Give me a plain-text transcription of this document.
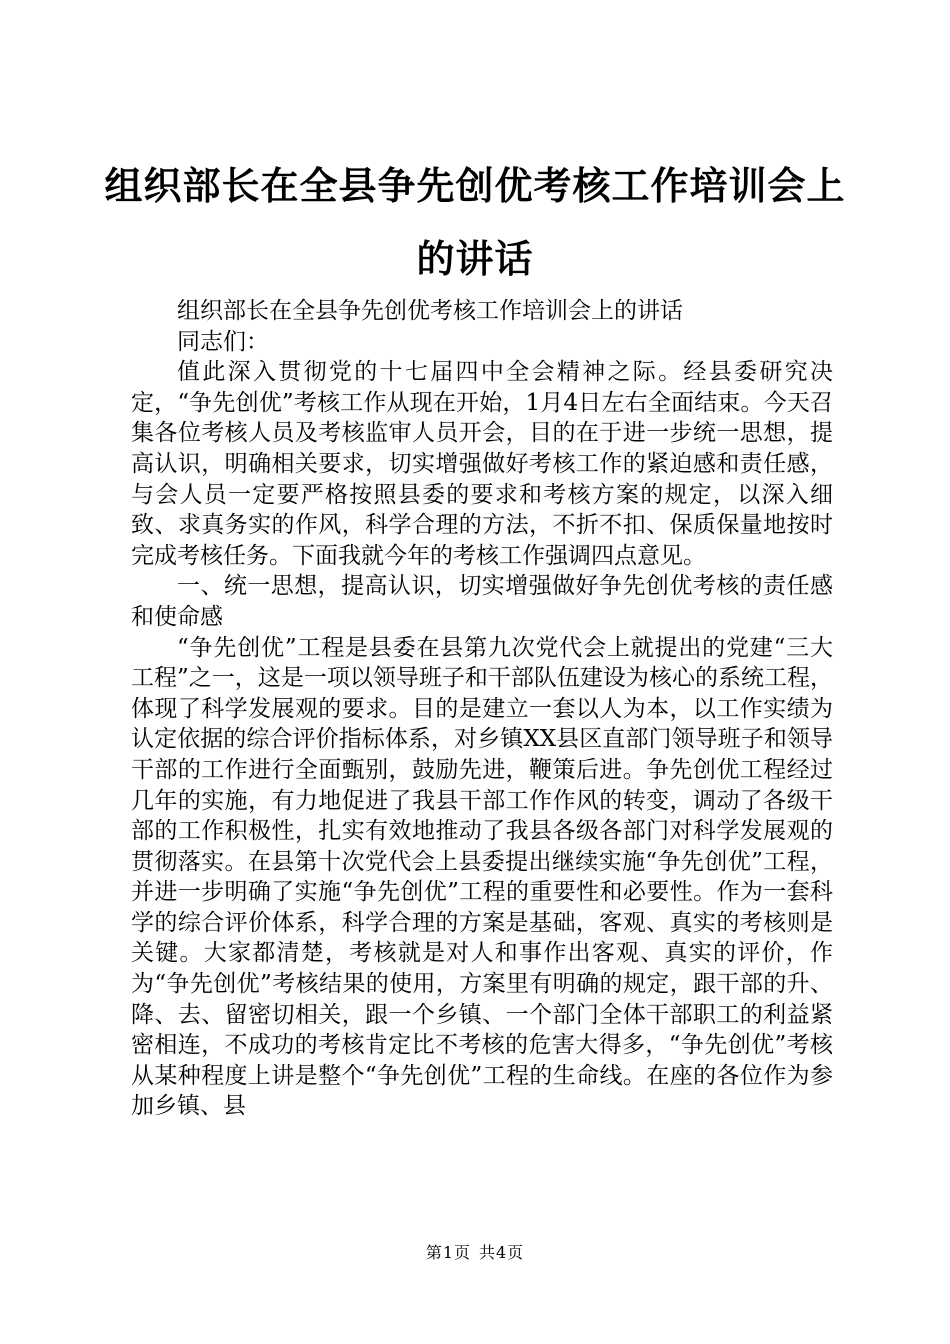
组织部长在全县争先创优考核工作培训会上的讲话

组织部长在全县争先创优考核工作培训会上的讲话

同志们：

值此深入贯彻党的十七届四中全会精神之际。经县委研究决定，“争先创优”考核工作从现在开始，1月4日左右全面结束。今天召集各位考核人员及考核监审人员开会，目的在于进一步统一思想，提高认识，明确相关要求，切实增强做好考核工作的紧迫感和责任感，与会人员一定要严格按照县委的要求和考核方案的规定，以深入细致、求真务实的作风，科学合理的方法，不折不扣、保质保量地按时完成考核任务。下面我就今年的考核工作强调四点意见。

一、统一思想，提高认识，切实增强做好争先创优考核的责任感和使命感

“争先创优”工程是县委在县第九次党代会上就提出的党建“三大工程”之一，这是一项以领导班子和干部队伍建设为核心的系统工程，体现了科学发展观的要求。目的是建立一套以人为本，以工作实绩为认定依据的综合评价指标体系，对乡镇XX县区直部门领导班子和领导干部的工作进行全面甄别，鼓励先进，鞭策后进。争先创优工程经过几年的实施，有力地促进了我县干部工作作风的转变，调动了各级干部的工作积极性，扎实有效地推动了我县各级各部门对科学发展观的贯彻落实。在县第十次党代会上县委提出继续实施“争先创优”工程，并进一步明确了实施“争先创优”工程的重要性和必要性。作为一套科学的综合评价体系，科学合理的方案是基础，客观、真实的考核则是关键。大家都清楚，考核就是对人和事作出客观、真实的评价，作为“争先创优”考核结果的使用，方案里有明确的规定，跟干部的升、降、去、留密切相关，跟一个乡镇、一个部门全体干部职工的利益紧密相连，不成功的考核肯定比不考核的危害大得多，“争先创优”考核从某种程度上讲是整个“争先创优”工程的生命线。在座的各位作为参加乡镇、县

第1页 共4页
